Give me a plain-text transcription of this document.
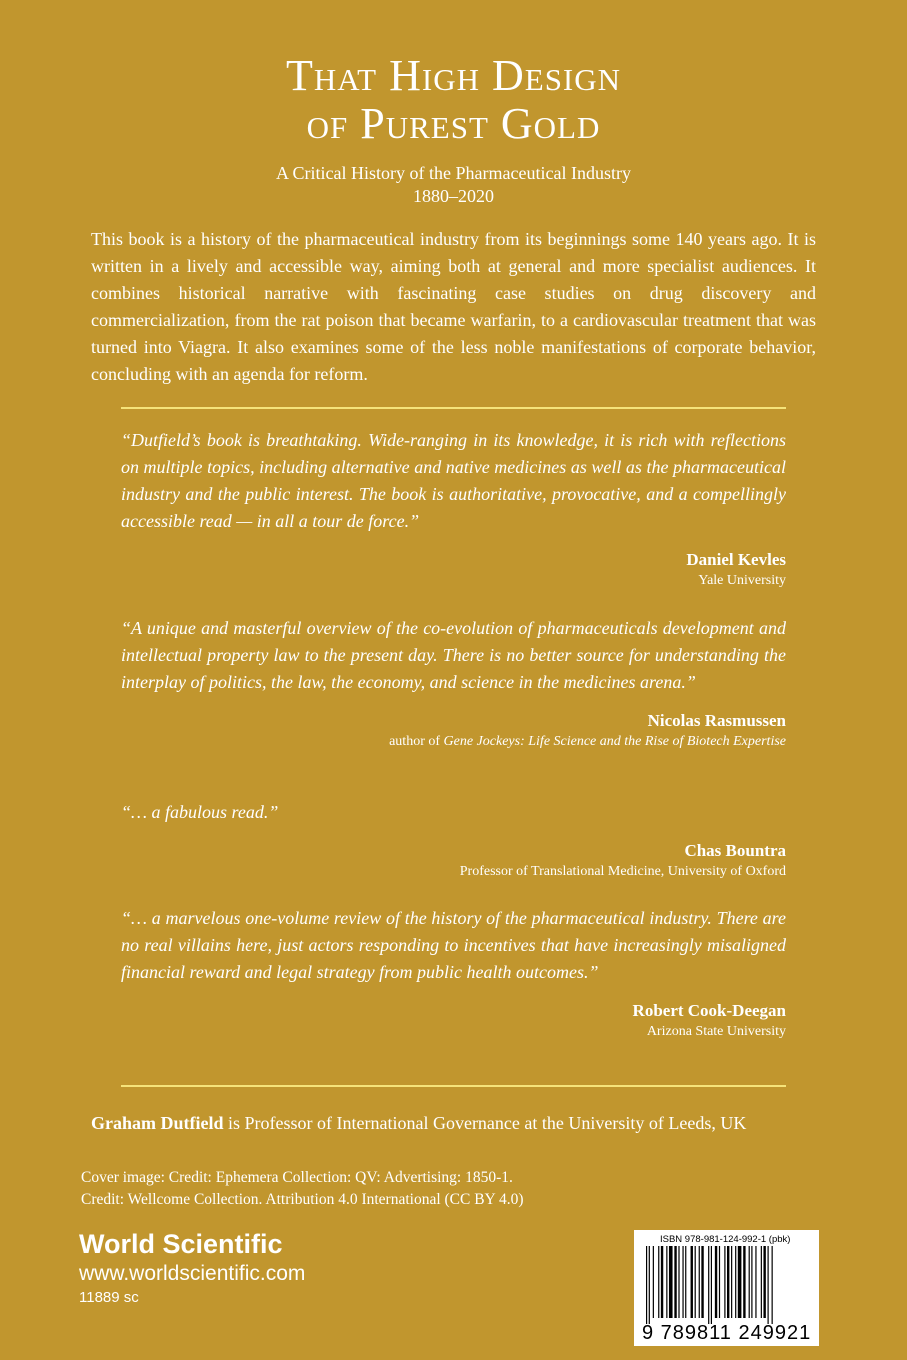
That High Design
of Purest Gold
A Critical History of the Pharmaceutical Industry
1880–2020
This book is a history of the pharmaceutical industry from its beginnings some 140 years ago. It is written in a lively and accessible way, aiming both at general and more specialist audiences. It combines historical narrative with fascinating case studies on drug discovery and commercialization, from the rat poison that became warfarin, to a cardiovascular treatment that was turned into Viagra. It also examines some of the less noble manifestations of corporate behavior, concluding with an agenda for reform.
“Dutfield’s book is breathtaking. Wide-ranging in its knowledge, it is rich with reflections on multiple topics, including alternative and native medicines as well as the pharmaceutical industry and the public interest. The book is authoritative, provocative, and a compellingly accessible read — in all a tour de force.”
Daniel Kevles
Yale University
“A unique and masterful overview of the co-evolution of pharmaceuticals development and intellectual property law to the present day. There is no better source for understanding the interplay of politics, the law, the economy, and science in the medicines arena.”
Nicolas Rasmussen
author of Gene Jockeys: Life Science and the Rise of Biotech Expertise
“… a fabulous read.”
Chas Bountra
Professor of Translational Medicine, University of Oxford
“… a marvelous one-volume review of the history of the pharmaceutical industry. There are no real villains here, just actors responding to incentives that have increasingly misaligned financial reward and legal strategy from public health outcomes.”
Robert Cook-Deegan
Arizona State University
Graham Dutfield is Professor of International Governance at the University of Leeds, UK
Cover image: Credit: Ephemera Collection: QV: Advertising: 1850-1.
Credit: Wellcome Collection. Attribution 4.0 International (CC BY 4.0)
World Scientific
www.worldscientific.com
11889 sc
ISBN 978-981-124-992-1 (pbk)
9 789811 249921
